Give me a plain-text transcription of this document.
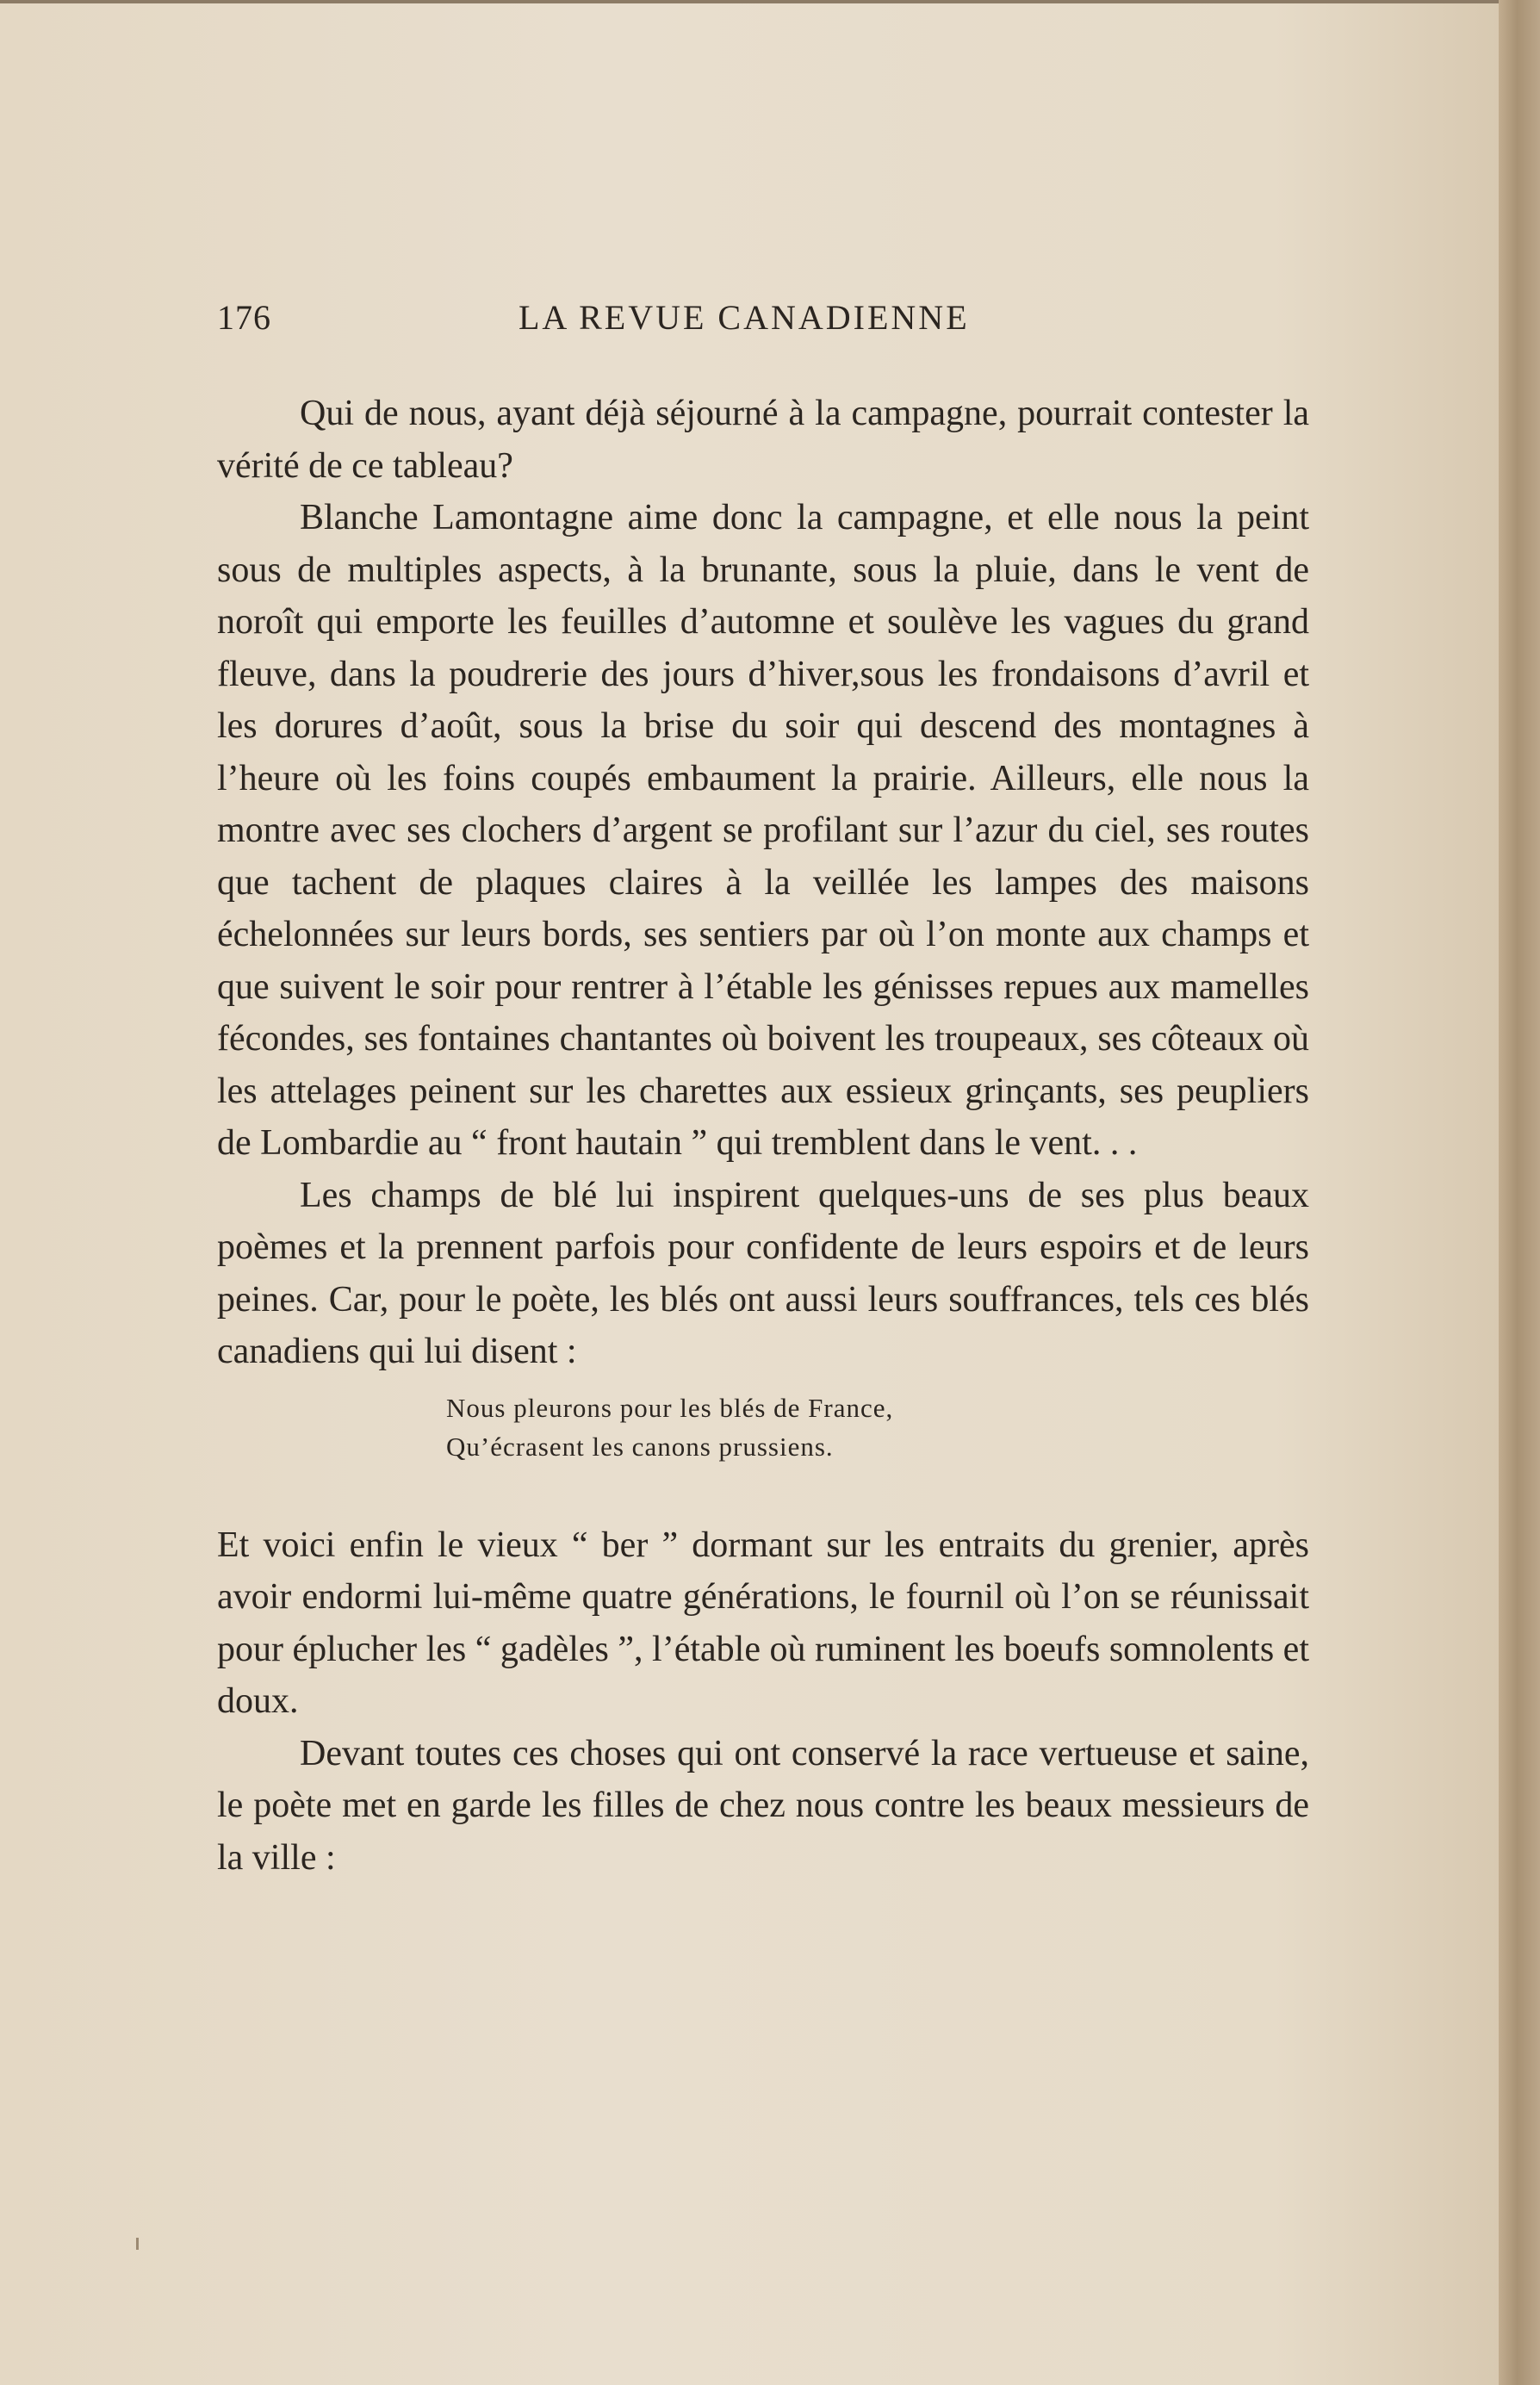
176	LA REVUE CANADIENNE

Qui de nous, ayant déjà séjourné à la campagne, pourrait contester la vérité de ce tableau?

Blanche Lamontagne aime donc la campagne, et elle nous la peint sous de multiples aspects, à la brunante, sous la pluie, dans le vent de noroît qui emporte les feuilles d’automne et soulève les vagues du grand fleuve, dans la poudrerie des jours d’hiver,sous les frondaisons d’avril et les dorures d’août, sous la brise du soir qui descend des montagnes à l’heure où les foins coupés embaument la prairie. Ailleurs, elle nous la montre avec ses clochers d’argent se profilant sur l’azur du ciel, ses routes que tachent de plaques claires à la veillée les lampes des maisons échelonnées sur leurs bords, ses sentiers par où l’on monte aux champs et que suivent le soir pour rentrer à l’étable les génisses repues aux mamelles fécondes, ses fontaines chantantes où boivent les troupeaux, ses côteaux où les attelages peinent sur les charettes aux essieux grinçants, ses peupliers de Lombardie au “ front hautain ” qui tremblent dans le vent. . .

Les champs de blé lui inspirent quelques-uns de ses plus beaux poèmes et la prennent parfois pour confidente de leurs espoirs et de leurs peines. Car, pour le poète, les blés ont aussi leurs souffrances, tels ces blés canadiens qui lui disent :

Nous pleurons pour les blés de France,
Qu’écrasent les canons prussiens.

Et voici enfin le vieux “ ber ” dormant sur les entraits du grenier, après avoir endormi lui-même quatre générations, le fournil où l’on se réunissait pour éplucher les “ gadèles ”, l’étable où ruminent les boeufs somnolents et doux.

Devant toutes ces choses qui ont conservé la race vertueuse et saine, le poète met en garde les filles de chez nous contre les beaux messieurs de la ville :
